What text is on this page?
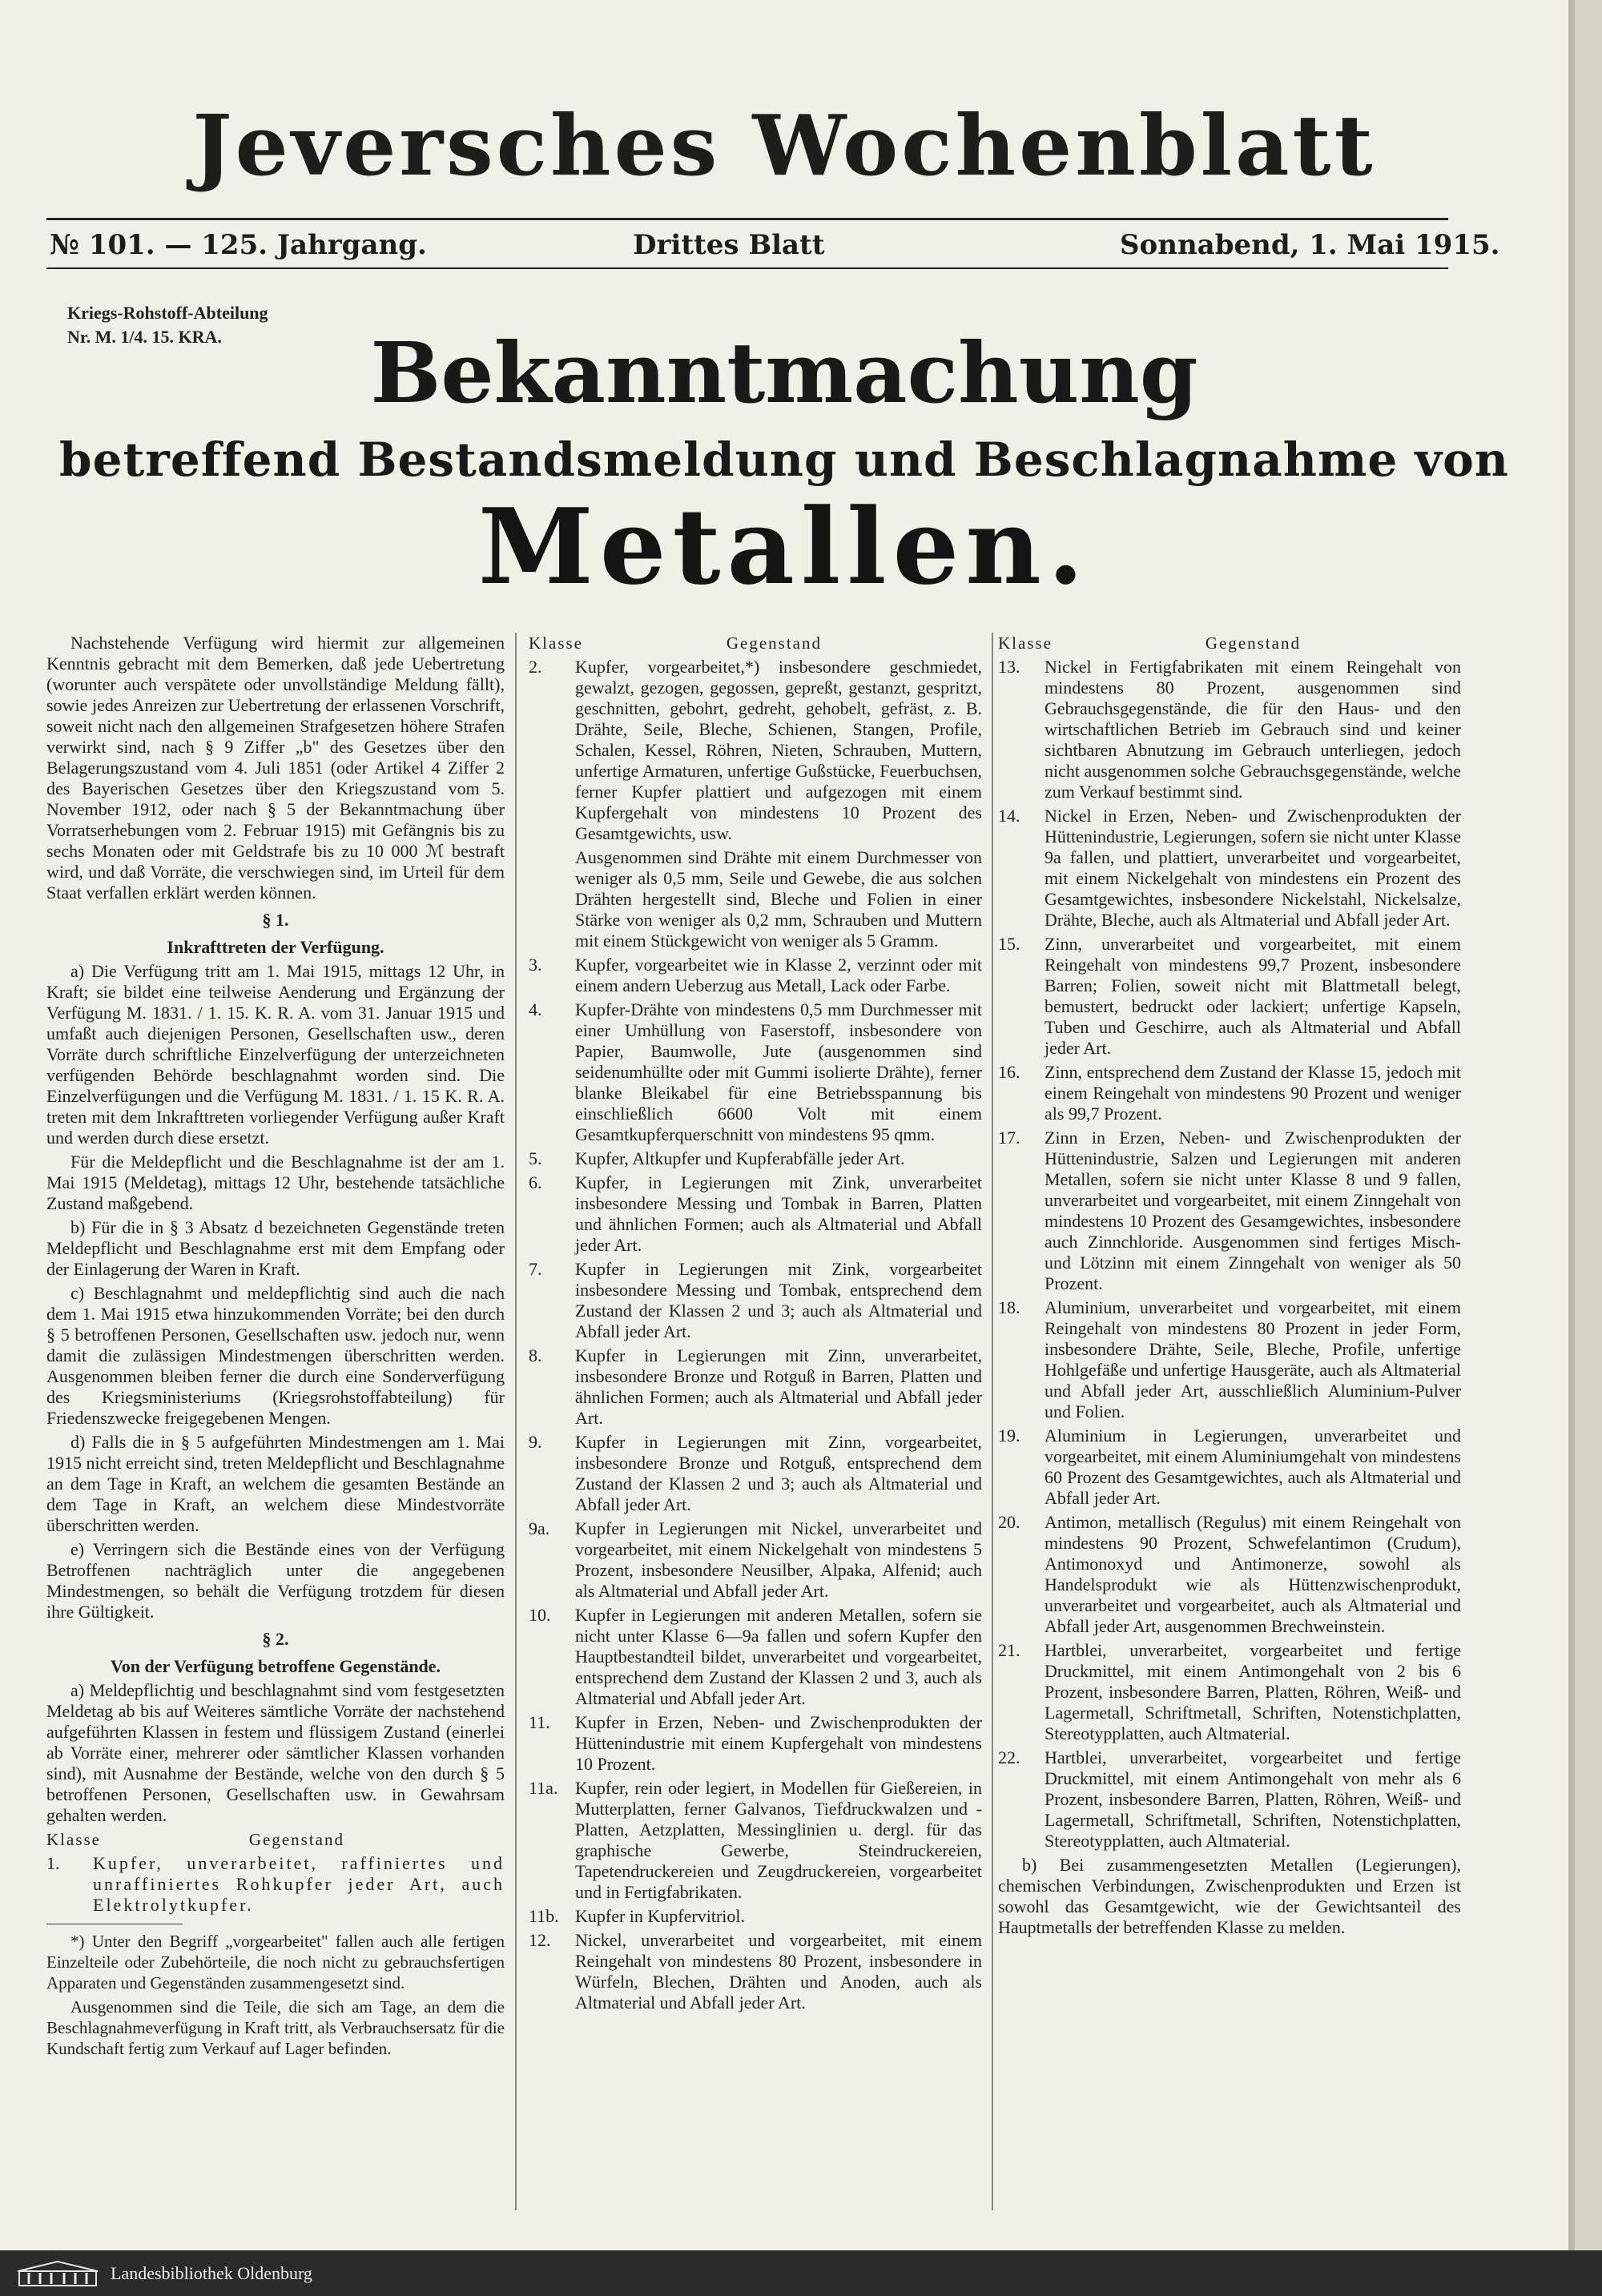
Jeversches Wochenblatt
№ 101. — 125. Jahrgang.	Drittes Blatt	Sonnabend, 1. Mai 1915.
Kriegs-Rohstoff-Abteilung
Nr. M. 1/4. 15. KRA.	Bekanntmachung
betreffend Bestandsmeldung und Beschlagnahme von
Metallen.

Nachstehende Verfügung wird hiermit zur allgemeinen Kenntnis gebracht mit dem Bemerken, daß jede Uebertretung (worunter auch verspätete oder unvollständige Meldung fällt), sowie jedes Anreizen zur Uebertretung der erlassenen Vorschrift, soweit nicht nach den allgemeinen Strafgesetzen höhere Strafen verwirkt sind, nach § 9 Ziffer „b" des Gesetzes über den Belagerungszustand vom 4. Juli 1851 (oder Artikel 4 Ziffer 2 des Bayerischen Gesetzes über den Kriegszustand vom 5. November 1912, oder nach § 5 der Bekanntmachung über Vorratserhebungen vom 2. Februar 1915) mit Gefängnis bis zu sechs Monaten oder mit Geldstrafe bis zu 10 000 ℳ bestraft wird, und daß Vorräte, die verschwiegen sind, im Urteil für dem Staat verfallen erklärt werden können.

§ 1.

Inkrafttreten der Verfügung.

a) Die Verfügung tritt am 1. Mai 1915, mittags 12 Uhr, in Kraft; sie bildet eine teilweise Aenderung und Ergänzung der Verfügung M. 1831. / 1. 15. K. R. A. vom 31. Januar 1915 und umfaßt auch diejenigen Personen, Gesellschaften usw., deren Vorräte durch schriftliche Einzelverfügung der unterzeichneten verfügenden Behörde beschlagnahmt worden sind. Die Einzelverfügungen und die Verfügung M. 1831. / 1. 15 K. R. A. treten mit dem Inkrafttreten vorliegender Verfügung außer Kraft und werden durch diese ersetzt.

Für die Meldepflicht und die Beschlagnahme ist der am 1. Mai 1915 (Meldetag), mittags 12 Uhr, bestehende tatsächliche Zustand maßgebend.

b) Für die in § 3 Absatz d bezeichneten Gegenstände treten Meldepflicht und Beschlagnahme erst mit dem Empfang oder der Einlagerung der Waren in Kraft.

c) Beschlagnahmt und meldepflichtig sind auch die nach dem 1. Mai 1915 etwa hinzukommenden Vorräte; bei den durch § 5 betroffenen Personen, Gesellschaften usw. jedoch nur, wenn damit die zulässigen Mindestmengen überschritten werden. Ausgenommen bleiben ferner die durch eine Sonderverfügung des Kriegsministeriums (Kriegsrohstoffabteilung) für Friedenszwecke freigegebenen Mengen.

d) Falls die in § 5 aufgeführten Mindestmengen am 1. Mai 1915 nicht erreicht sind, treten Meldepflicht und Beschlagnahme an dem Tage in Kraft, an welchem die gesamten Bestände an dem Tage in Kraft, an welchem diese Mindestvorräte überschritten werden.

e) Verringern sich die Bestände eines von der Verfügung Betroffenen nachträglich unter die angegebenen Mindestmengen, so behält die Verfügung trotzdem für diesen ihre Gültigkeit.

§ 2.

Von der Verfügung betroffene Gegenstände.

a) Meldepflichtig und beschlagnahmt sind vom festgesetzten Meldetag ab bis auf Weiteres sämtliche Vorräte der nachstehend aufgeführten Klassen in festem und flüssigem Zustand (einerlei ab Vorräte einer, mehrerer oder sämtlicher Klassen vorhanden sind), mit Ausnahme der Bestände, welche von den durch § 5 betroffenen Personen, Gesellschaften usw. in Gewahrsam gehalten werden.

Klasse	Gegenstand
1. Kupfer, unverarbeitet, raffiniertes und unraffiniertes Rohkupfer jeder Art, auch Elektrolytkupfer.

*) Unter den Begriff „vorgearbeitet" fallen auch alle fertigen Einzelteile oder Zubehörteile, die noch nicht zu gebrauchsfertigen Apparaten und Gegenständen zusammengesetzt sind.

Ausgenommen sind die Teile, die sich am Tage, an dem die Beschlagnahmeverfügung in Kraft tritt, als Verbrauchsersatz für die Kundschaft fertig zum Verkauf auf Lager befinden.

Klasse	Gegenstand
2. Kupfer, vorgearbeitet,*) insbesondere geschmiedet, gewalzt, gezogen, gegossen, gepreßt, gestanzt, gespritzt, geschnitten, gebohrt, gedreht, gehobelt, gefräst, z. B. Drähte, Seile, Bleche, Schienen, Stangen, Profile, Schalen, Kessel, Röhren, Nieten, Schrauben, Muttern, unfertige Armaturen, unfertige Gußstücke, Feuerbuchsen, ferner Kupfer plattiert und aufgezogen mit einem Kupfergehalt von mindestens 10 Prozent des Gesamtgewichts, usw.
Ausgenommen sind Drähte mit einem Durchmesser von weniger als 0,5 mm, Seile und Gewebe, die aus solchen Drähten hergestellt sind, Bleche und Folien in einer Stärke von weniger als 0,2 mm, Schrauben und Muttern mit einem Stückgewicht von weniger als 5 Gramm.
3. Kupfer, vorgearbeitet wie in Klasse 2, verzinnt oder mit einem andern Ueberzug aus Metall, Lack oder Farbe.
4. Kupfer-Drähte von mindestens 0,5 mm Durchmesser mit einer Umhüllung von Faserstoff, insbesondere von Papier, Baumwolle, Jute (ausgenommen sind seidenumhüllte oder mit Gummi isolierte Drähte), ferner blanke Bleikabel für eine Betriebsspannung bis einschließlich 6600 Volt mit einem Gesamtkupferquerschnitt von mindestens 95 qmm.
5. Kupfer, Altkupfer und Kupferabfälle jeder Art.
6. Kupfer, in Legierungen mit Zink, unverarbeitet insbesondere Messing und Tombak in Barren, Platten und ähnlichen Formen; auch als Altmaterial und Abfall jeder Art.
7. Kupfer in Legierungen mit Zink, vorgearbeitet insbesondere Messing und Tombak, entsprechend dem Zustand der Klassen 2 und 3; auch als Altmaterial und Abfall jeder Art.
8. Kupfer in Legierungen mit Zinn, unverarbeitet, insbesondere Bronze und Rotguß in Barren, Platten und ähnlichen Formen; auch als Altmaterial und Abfall jeder Art.
9. Kupfer in Legierungen mit Zinn, vorgearbeitet, insbesondere Bronze und Rotguß, entsprechend dem Zustand der Klassen 2 und 3; auch als Altmaterial und Abfall jeder Art.
9a. Kupfer in Legierungen mit Nickel, unverarbeitet und vorgearbeitet, mit einem Nickelgehalt von mindestens 5 Prozent, insbesondere Neusilber, Alpaka, Alfenid; auch als Altmaterial und Abfall jeder Art.
10. Kupfer in Legierungen mit anderen Metallen, sofern sie nicht unter Klasse 6—9a fallen und sofern Kupfer den Hauptbestandteil bildet, unverarbeitet und vorgearbeitet, entsprechend dem Zustand der Klassen 2 und 3, auch als Altmaterial und Abfall jeder Art.
11. Kupfer in Erzen, Neben- und Zwischenprodukten der Hüttenindustrie mit einem Kupfergehalt von mindestens 10 Prozent.
11a. Kupfer, rein oder legiert, in Modellen für Gießereien, in Mutterplatten, ferner Galvanos, Tiefdruckwalzen und -Platten, Aetzplatten, Messinglinien u. dergl. für das graphische Gewerbe, Steindruckereien, Tapetendruckereien und Zeugdruckereien, vorgearbeitet und in Fertigfabrikaten.
11b. Kupfer in Kupfervitriol.
12. Nickel, unverarbeitet und vorgearbeitet, mit einem Reingehalt von mindestens 80 Prozent, insbesondere in Würfeln, Blechen, Drähten und Anoden, auch als Altmaterial und Abfall jeder Art.
Klasse	Gegenstand
13. Nickel in Fertigfabrikaten mit einem Reingehalt von mindestens 80 Prozent, ausgenommen sind Gebrauchsgegenstände, die für den Haus- und den wirtschaftlichen Betrieb im Gebrauch sind und keiner sichtbaren Abnutzung im Gebrauch unterliegen, jedoch nicht ausgenommen solche Gebrauchsgegenstände, welche zum Verkauf bestimmt sind.
14. Nickel in Erzen, Neben- und Zwischenprodukten der Hüttenindustrie, Legierungen, sofern sie nicht unter Klasse 9a fallen, und plattiert, unverarbeitet und vorgearbeitet, mit einem Nickelgehalt von mindestens ein Prozent des Gesamtgewichtes, insbesondere Nickelstahl, Nickelsalze, Drähte, Bleche, auch als Altmaterial und Abfall jeder Art.
15. Zinn, unverarbeitet und vorgearbeitet, mit einem Reingehalt von mindestens 99,7 Prozent, insbesondere Barren; Folien, soweit nicht mit Blattmetall belegt, bemustert, bedruckt oder lackiert; unfertige Kapseln, Tuben und Geschirre, auch als Altmaterial und Abfall jeder Art.
16. Zinn, entsprechend dem Zustand der Klasse 15, jedoch mit einem Reingehalt von mindestens 90 Prozent und weniger als 99,7 Prozent.
17. Zinn in Erzen, Neben- und Zwischenprodukten der Hüttenindustrie, Salzen und Legierungen mit anderen Metallen, sofern sie nicht unter Klasse 8 und 9 fallen, unverarbeitet und vorgearbeitet, mit einem Zinngehalt von mindestens 10 Prozent des Gesamgewichtes, insbesondere auch Zinnchloride. Ausgenommen sind fertiges Misch- und Lötzinn mit einem Zinngehalt von weniger als 50 Prozent.
18. Aluminium, unverarbeitet und vorgearbeitet, mit einem Reingehalt von mindestens 80 Prozent in jeder Form, insbesondere Drähte, Seile, Bleche, Profile, unfertige Hohlgefäße und unfertige Hausgeräte, auch als Altmaterial und Abfall jeder Art, ausschließlich Aluminium-Pulver und Folien.
19. Aluminium in Legierungen, unverarbeitet und vorgearbeitet, mit einem Aluminiumgehalt von mindestens 60 Prozent des Gesamtgewichtes, auch als Altmaterial und Abfall jeder Art.
20. Antimon, metallisch (Regulus) mit einem Reingehalt von mindestens 90 Prozent, Schwefelantimon (Crudum), Antimonoxyd und Antimonerze, sowohl als Handelsprodukt wie als Hüttenzwischenprodukt, unverarbeitet und vorgearbeitet, auch als Altmaterial und Abfall jeder Art, ausgenommen Brechweinstein.
21. Hartblei, unverarbeitet, vorgearbeitet und fertige Druckmittel, mit einem Antimongehalt von 2 bis 6 Prozent, insbesondere Barren, Platten, Röhren, Weiß- und Lagermetall, Schriftmetall, Schriften, Notenstichplatten, Stereotypplatten, auch Altmaterial.
22. Hartblei, unverarbeitet, vorgearbeitet und fertige Druckmittel, mit einem Antimongehalt von mehr als 6 Prozent, insbesondere Barren, Platten, Röhren, Weiß- und Lagermetall, Schriftmetall, Schriften, Notenstichplatten, Stereotypplatten, auch Altmaterial.

b) Bei zusammengesetzten Metallen (Legierungen), chemischen Verbindungen, Zwischenprodukten und Erzen ist sowohl das Gesamtgewicht, wie der Gewichtsanteil des Hauptmetalls der betreffenden Klasse zu melden.

Landesbibliothek Oldenburg
